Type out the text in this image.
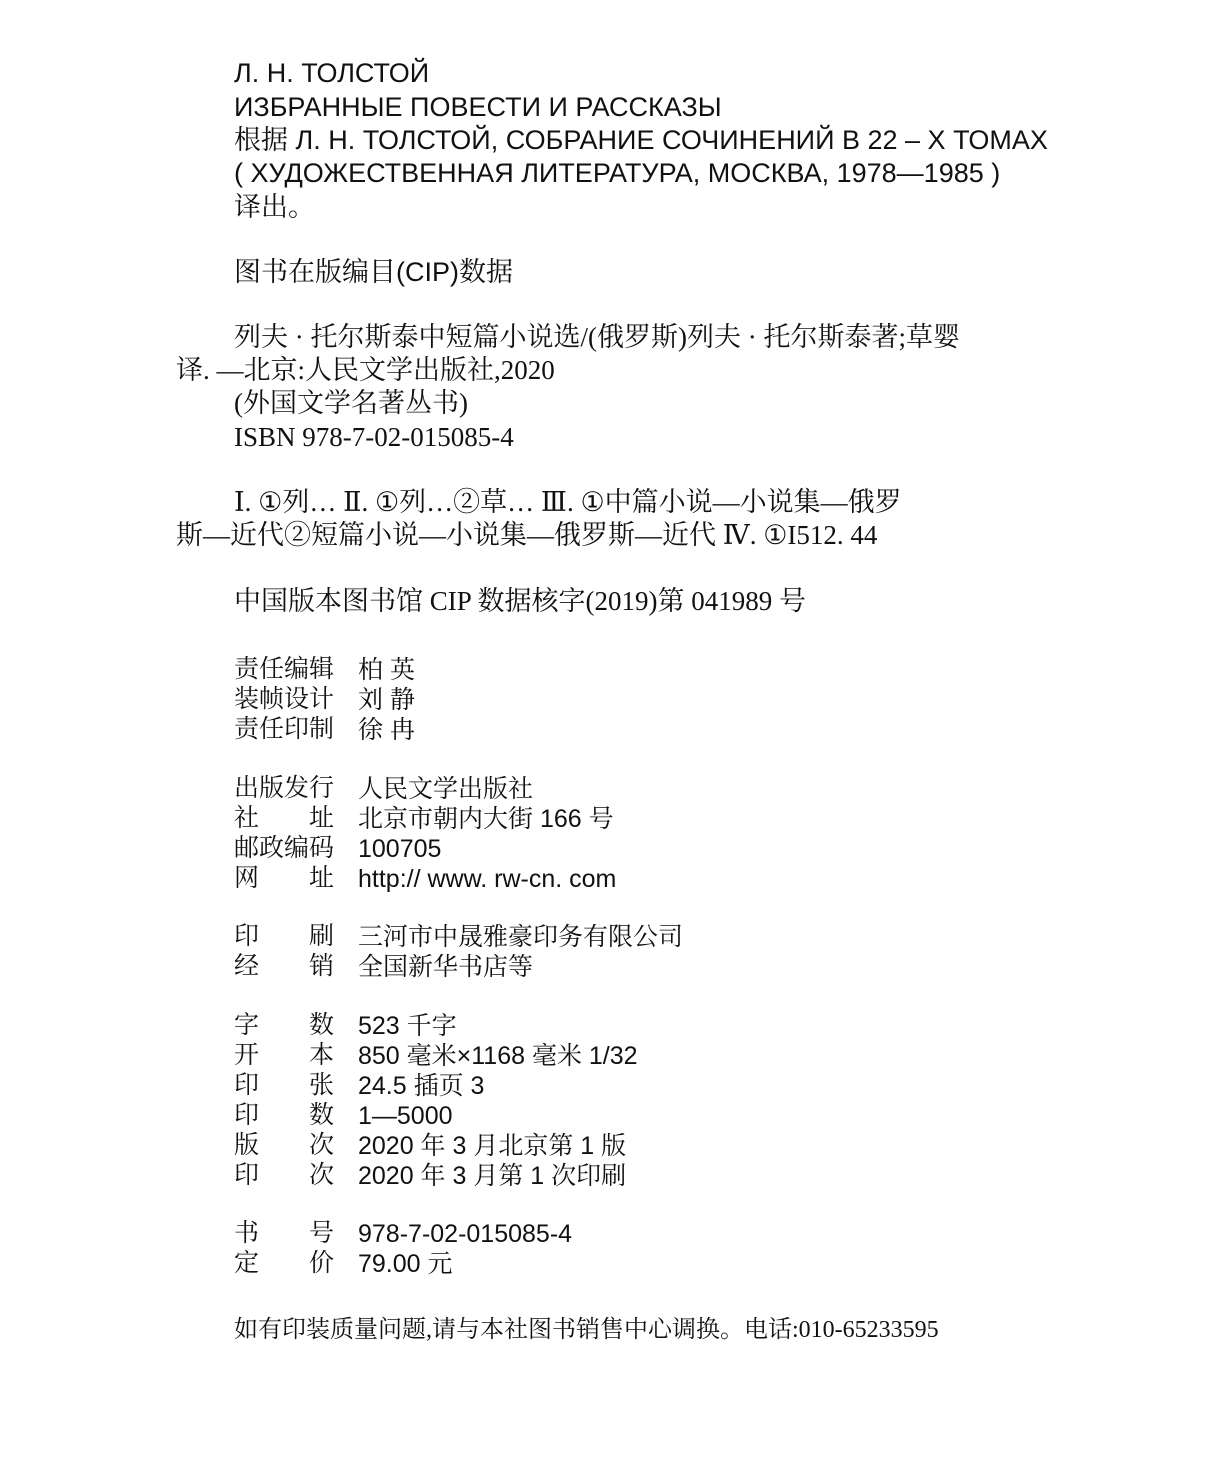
Л. Н. ТОЛСТОЙ
ИЗБРАННЫЕ ПОВЕСТИ И РАССКАЗЫ
根据 Л. Н. ТОЛСТОЙ, СОБРАНИЕ СОЧИНЕНИЙ В 22 – Х ТОМАХ
( ХУДОЖЕСТВЕННАЯ ЛИТЕРАТУРА, МОСКВА, 1978—1985 )
译出。
图书在版编目(CIP)数据
列夫 · 托尔斯泰中短篇小说选/(俄罗斯)列夫 · 托尔斯泰著;草婴
译. —北京:人民文学出版社,2020
(外国文学名著丛书)
ISBN 978-7-02-015085-4
Ⅰ. ①列… Ⅱ. ①列…②草… Ⅲ. ①中篇小说—小说集—俄罗
斯—近代②短篇小说—小说集—俄罗斯—近代 Ⅳ. ①I512. 44
中国版本图书馆 CIP 数据核字(2019)第 041989 号
责任编辑 柏 英
装帧设计 刘 静
责任印制 徐 冉
出版发行 人民文学出版社
社        址 北京市朝内大街 166 号
邮政编码 100705
网        址 http:// www. rw-cn. com
印        刷 三河市中晟雅豪印务有限公司
经        销 全国新华书店等
字        数 523 千字
开        本 850 毫米×1168 毫米 1/32
印        张 24.5 插页 3
印        数 1—5000
版        次 2020 年 3 月北京第 1 版
印        次 2020 年 3 月第 1 次印刷
书        号 978-7-02-015085-4
定        价 79.00 元
如有印装质量问题,请与本社图书销售中心调换。电话:010-65233595
